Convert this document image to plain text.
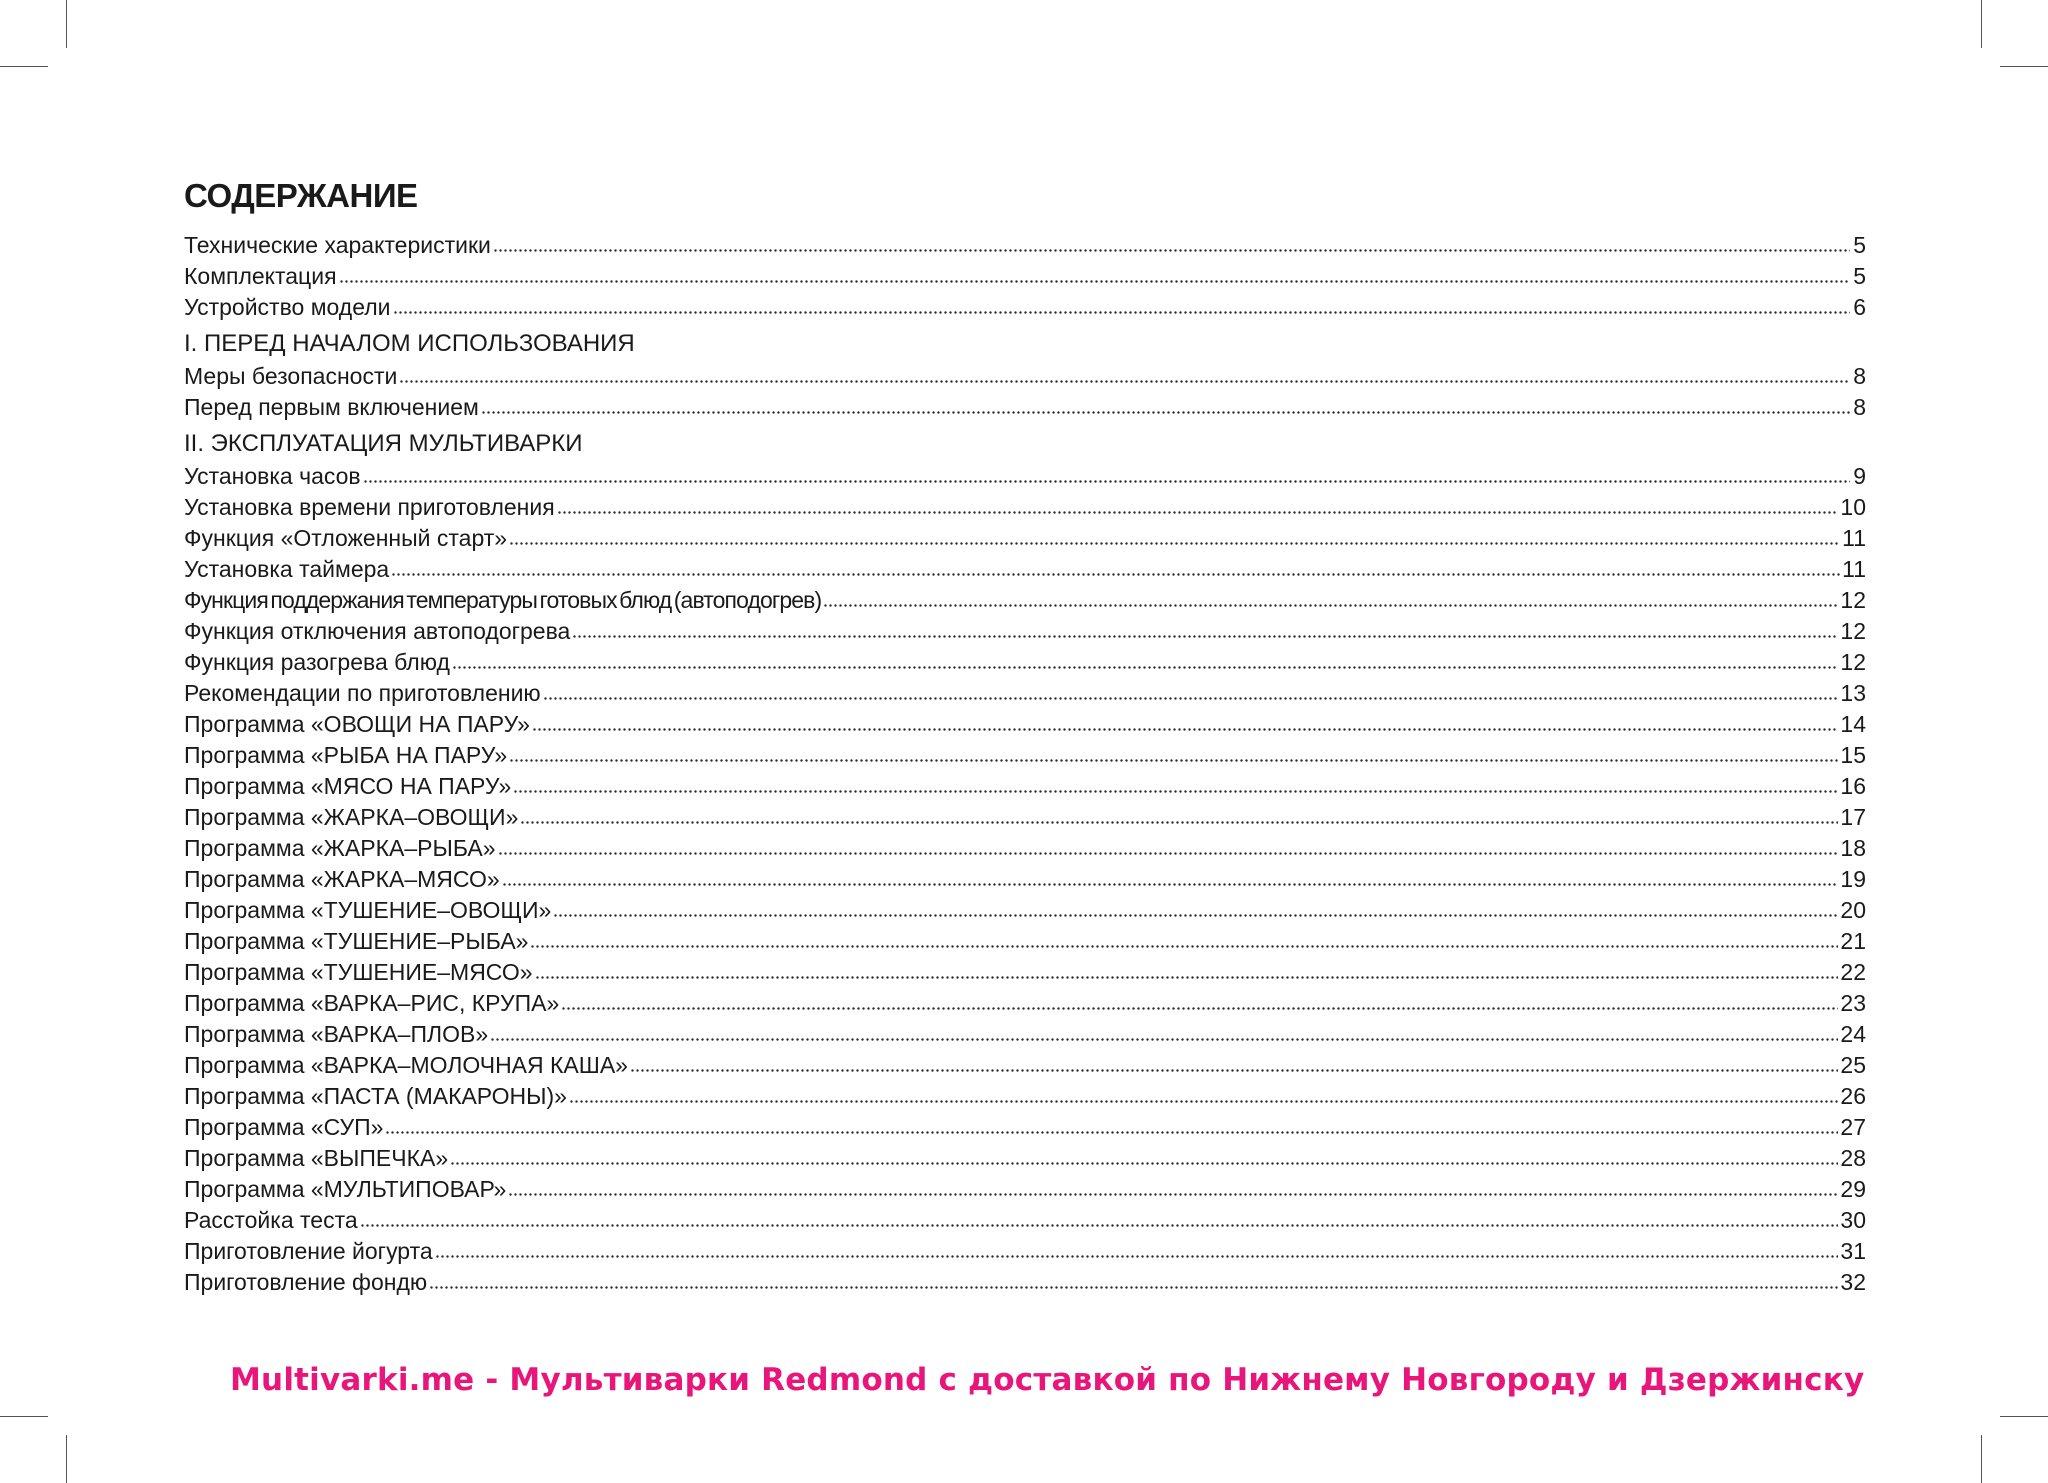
СОДЕРЖАНИЕ
Технические характеристики	5
Комплектация	5
Устройство модели	6
I. ПЕРЕД НАЧАЛОМ ИСПОЛЬЗОВАНИЯ
Меры безопасности	8
Перед первым включением	8
II. ЭКСПЛУАТАЦИЯ МУЛЬТИВАРКИ
Установка часов	9
Установка времени приготовления	10
Функция «Отложенный старт»	11
Установка таймера	11
Функция поддержания температуры готовых блюд (автоподогрев)	12
Функция отключения автоподогрева	12
Функция разогрева блюд	12
Рекомендации по приготовлению	13
Программа «ОВОЩИ НА ПАРУ»	14
Программа «РЫБА НА ПАРУ»	15
Программа «МЯСО НА ПАРУ»	16
Программа «ЖАРКА–ОВОЩИ»	17
Программа «ЖАРКА–РЫБА»	18
Программа «ЖАРКА–МЯСО»	19
Программа «ТУШЕНИЕ–ОВОЩИ»	20
Программа «ТУШЕНИЕ–РЫБА»	21
Программа «ТУШЕНИЕ–МЯСО»	22
Программа «ВАРКА–РИС, КРУПА»	23
Программа «ВАРКА–ПЛОВ»	24
Программа «ВАРКА–МОЛОЧНАЯ КАША»	25
Программа «ПАСТА (МАКАРОНЫ)»	26
Программа «СУП»	27
Программа «ВЫПЕЧКА»	28
Программа «МУЛЬТИПОВАР»	29
Расстойка теста	30
Приготовление йогурта	31
Приготовление фондю	32
Multivarki.me - Мультиварки Redmond с доставкой по Нижнему Новгороду и Дзержинску
